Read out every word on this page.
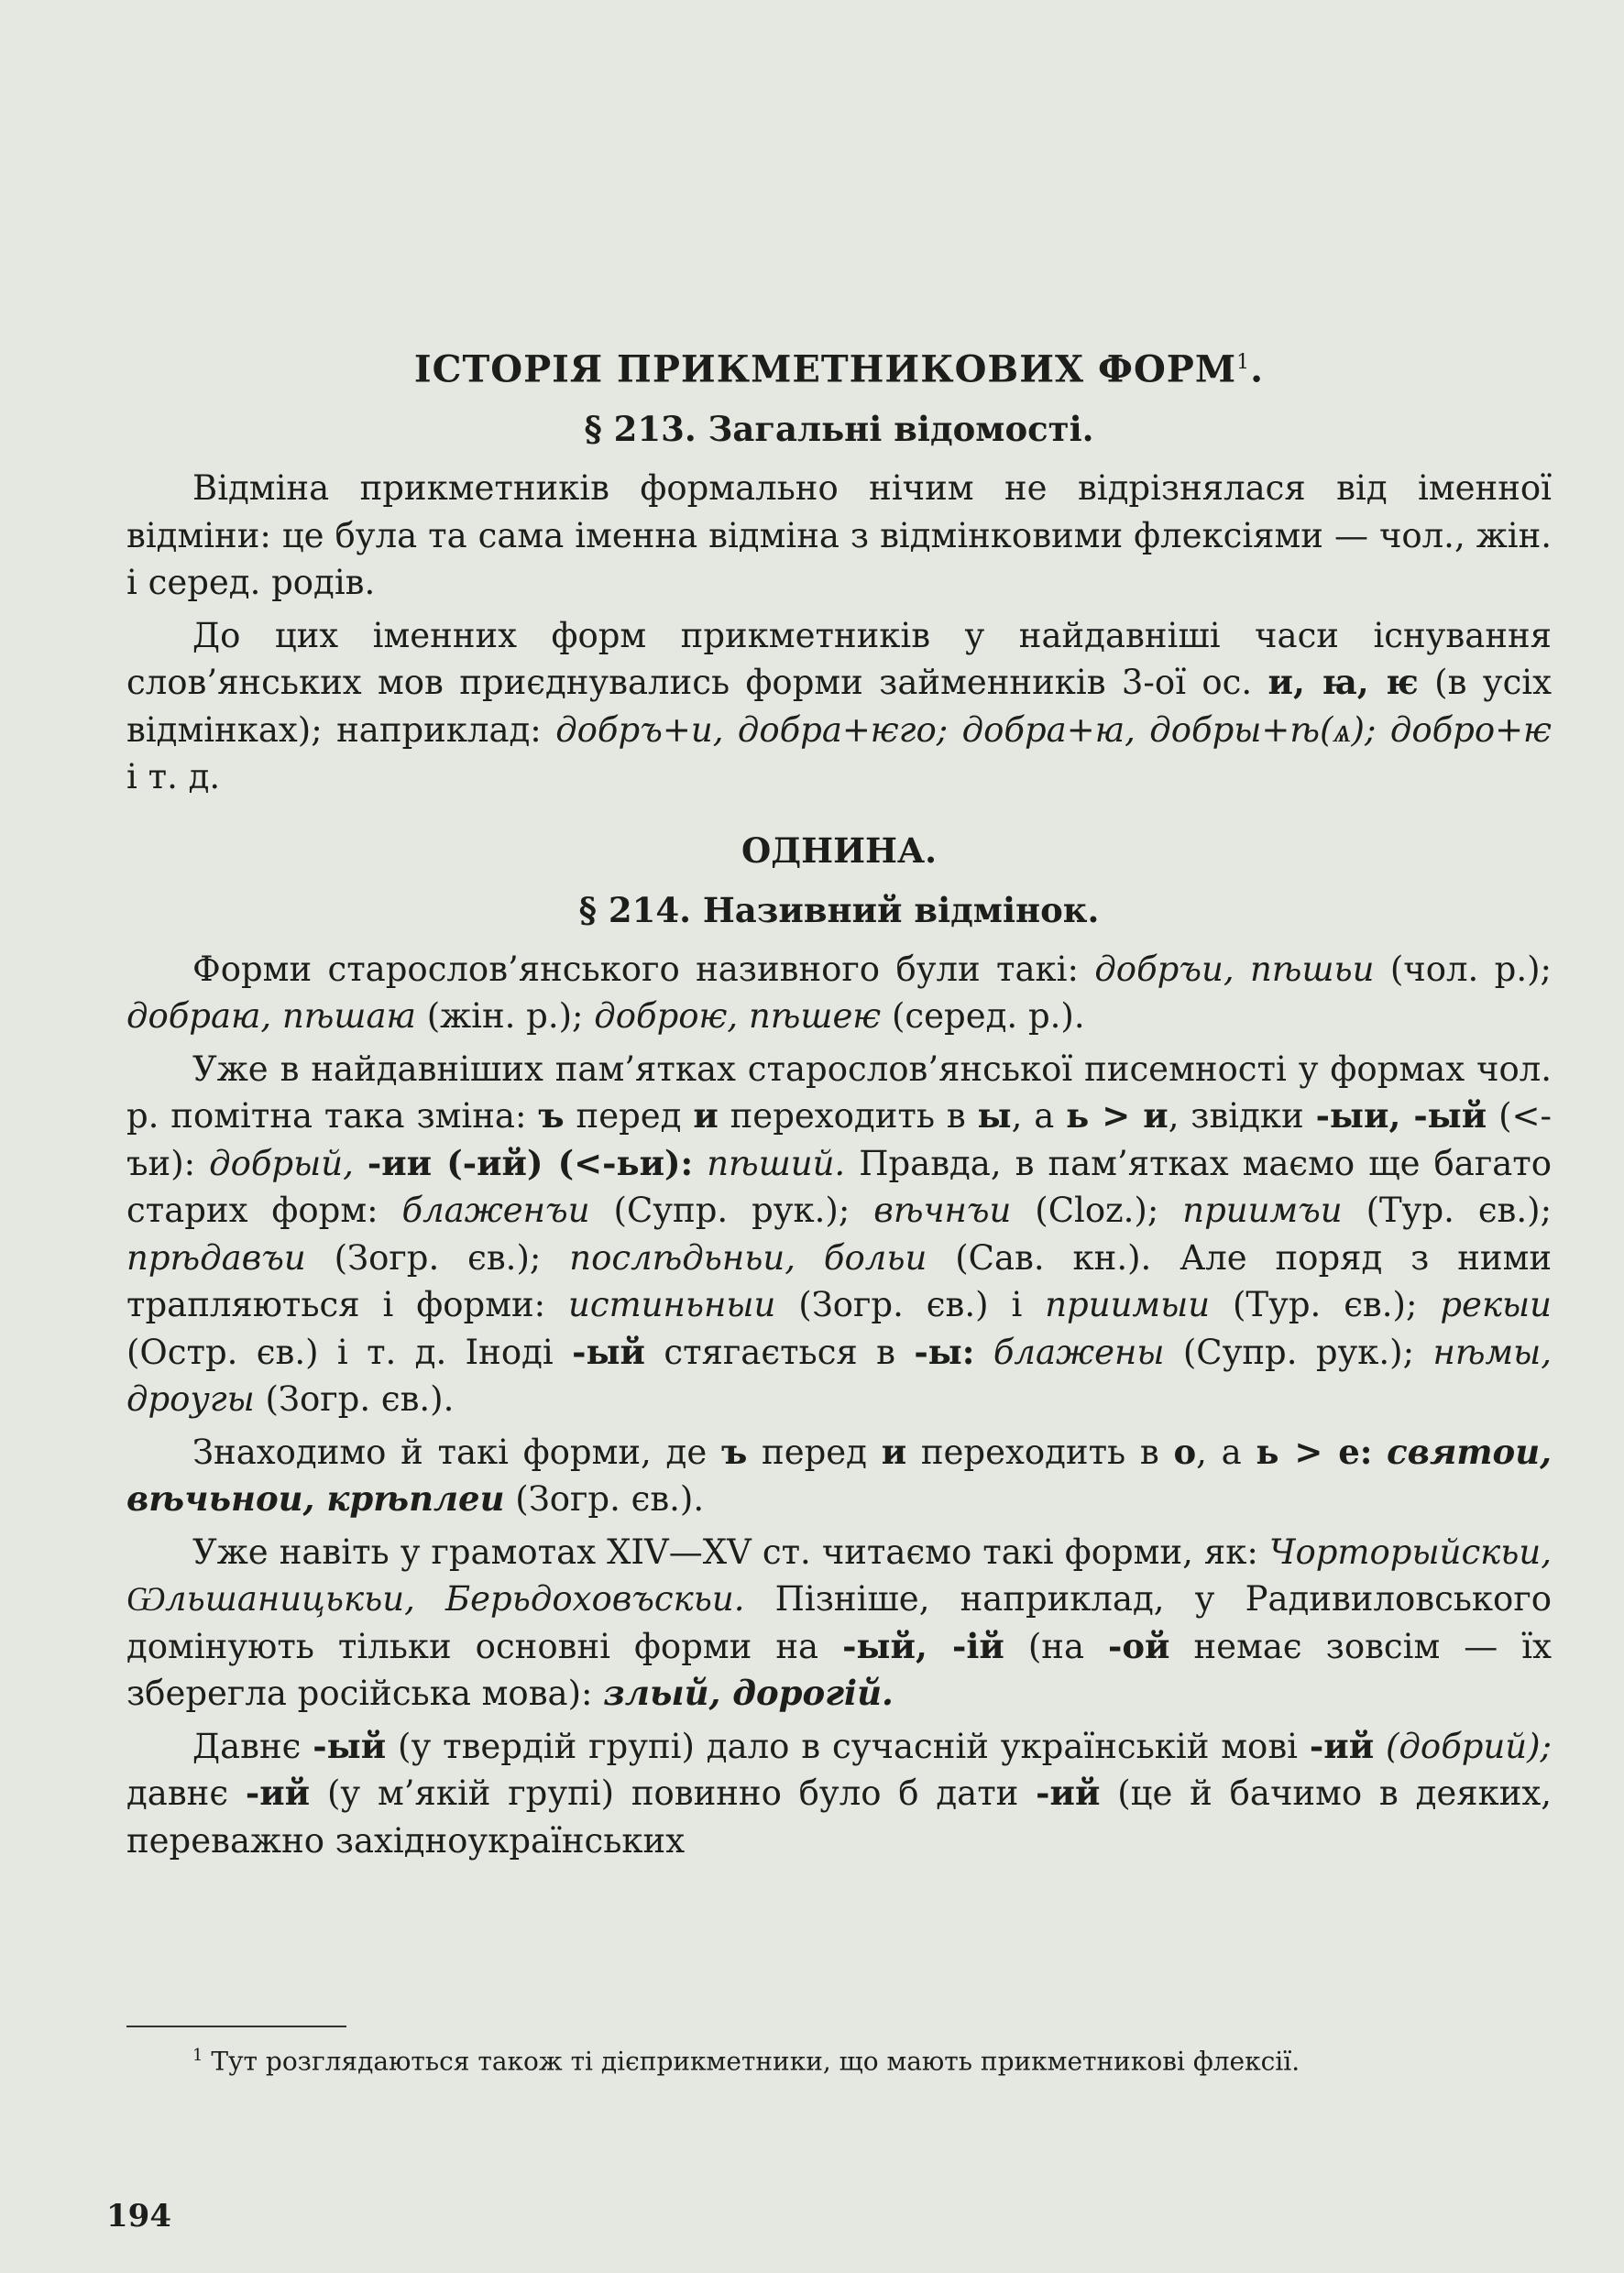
ІСТОРІЯ ПРИКМЕТНИКОВИХ ФОРМ$^1$.
§ 213. Загальні відомості.

Відміна прикметників формально нічим не відрізнялася від іменної відміни: це була та сама іменна відміна з відмінковими флексіями — чол., жін. і серед. родів.

До цих іменних форм прикметників у найдавніші часи існування слов’янських мов приєднувались форми займенників 3-ої ос. и, ꙗ, ѥ (в усіх відмінках); наприклад: добръ+и, добра+ѥго; добра+ꙗ, добры+ѣ(ѧ); добро+ѥ і т. д.

ОДНИНА.
§ 214. Називний відмінок.

Форми старослов’янського називного були такі: добръи, пѣшьи (чол. р.); добраꙗ, пѣшаꙗ (жін. р.); доброѥ, пѣшеѥ (серед. р.).

Уже в найдавніших пам’ятках старослов’янської писемності у формах чол. р. помітна така зміна: ъ перед и переходить в ы, а ь > и, звідки -ыи, -ый (<-ъи): добрый, -ии (-ий) (<-ьи): пѣший. Правда, в пам’ятках маємо ще багато старих форм: блаженъи (Супр. рук.); вѣчнъи (Cloz.); приимъи (Тур. єв.); прѣдавъи (Зогр. єв.); послѣдьньи, больи (Сав. кн.). Але поряд з ними трапляються і форми: истиньныи (Зогр. єв.) і приимыи (Тур. єв.); рекыи (Остр. єв.) і т. д. Іноді -ый стягається в -ы: блажены (Супр. рук.); нѣмы, дроугы (Зогр. єв.).

Знаходимо й такі форми, де ъ перед и переходить в о, а ь > е: святои, вѣчьнои, крѣплеи (Зогр. єв.).

Уже навіть у грамотах XIV—XV ст. читаємо такі форми, як: Чорторыйскьи, Ѡльшаницькьи, Берьдоховъскьи. Пізніше, наприклад, у Радивиловського домінують тільки основні форми на -ый, -ій (на -ой немає зовсім — їх зберегла російська мова): злый, дорогій.

Давнє -ый (у твердій групі) дало в сучасній українській мові -ий (добрий); давнє -ий (у м’якій групі) повинно було б дати -ий (це й бачимо в деяких, переважно західноукраїнських

$^1$ Тут розглядаються також ті дієприкметники, що мають прикметникові флексії.
194
